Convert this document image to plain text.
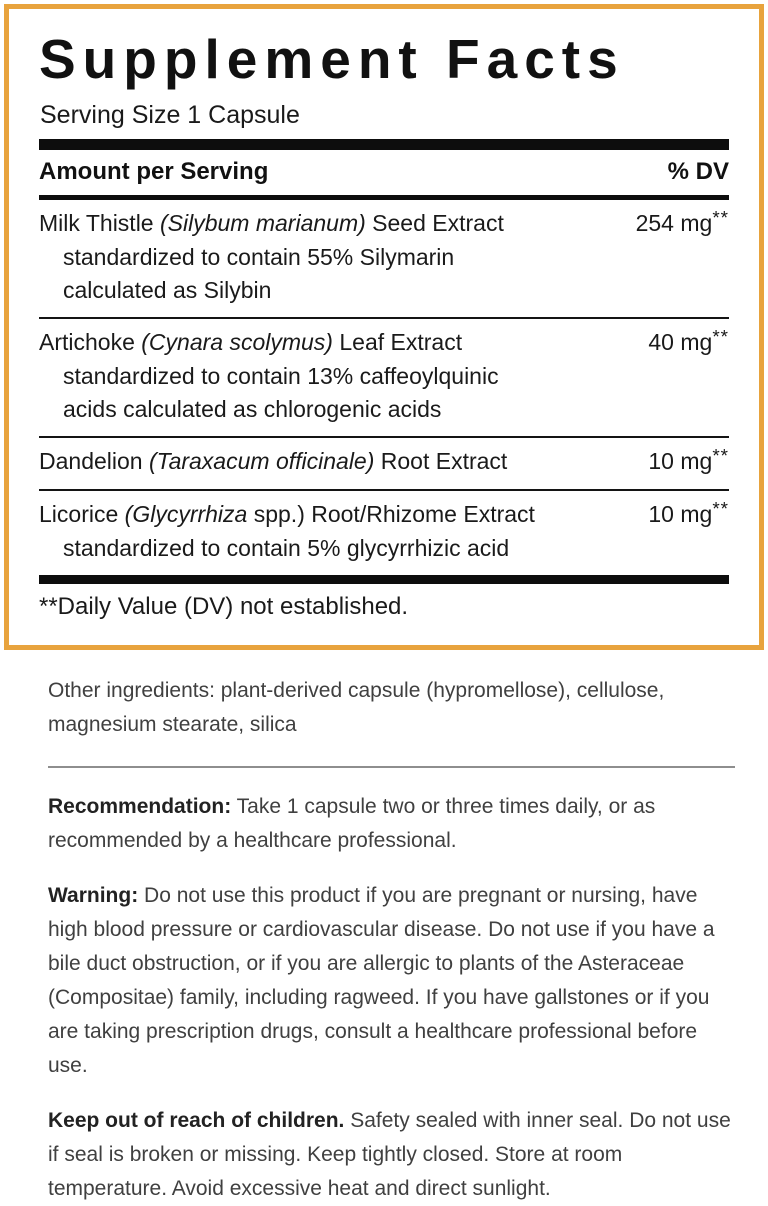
Supplement Facts
Serving Size 1 Capsule
Amount per Serving	% DV
Milk Thistle (Silybum marianum) Seed Extract	254 mg**
standardized to contain 55% Silymarin
calculated as Silybin
Artichoke (Cynara scolymus) Leaf Extract	40 mg**
standardized to contain 13% caffeoylquinic
acids calculated as chlorogenic acids
Dandelion (Taraxacum officinale) Root Extract	10 mg**
Licorice (Glycyrrhiza spp.) Root/Rhizome Extract	10 mg**
standardized to contain 5% glycyrrhizic acid
**Daily Value (DV) not established.

Other ingredients: plant-derived capsule (hypromellose), cellulose, magnesium stearate, silica

Recommendation: Take 1 capsule two or three times daily, or as recommended by a healthcare professional.

Warning: Do not use this product if you are pregnant or nursing, have high blood pressure or cardiovascular disease. Do not use if you have a bile duct obstruction, or if you are allergic to plants of the Asteraceae (Compositae) family, including ragweed. If you have gallstones or if you are taking prescription drugs, consult a healthcare professional before use.

Keep out of reach of children. Safety sealed with inner seal. Do not use if seal is broken or missing. Keep tightly closed. Store at room temperature. Avoid excessive heat and direct sunlight.
